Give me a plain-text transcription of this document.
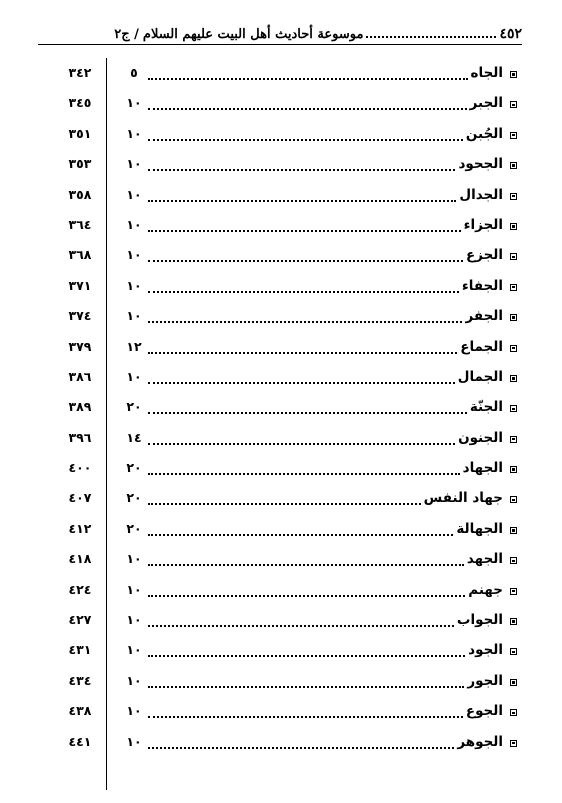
٤٥٢
موسوعة أحاديث أهل البيت عليهم السلام
/ ج٢
الجاه
٥
٣٤٢
الجبر
١٠
٣٤٥
الجُبن
١٠
٣٥١
الجحود
١٠
٣٥٣
الجدال
١٠
٣٥٨
الجزاء
١٠
٣٦٤
الجزع
١٠
٣٦٨
الجفاء
١٠
٣٧١
الجفر
١٠
٣٧٤
الجماع
١٢
٣٧٩
الجمال
١٠
٣٨٦
الجنّة
٢٠
٣٨٩
الجنون
١٤
٣٩٦
الجهاد
٢٠
٤٠٠
جهاد النفس
٢٠
٤٠٧
الجهالة
٢٠
٤١٢
الجهد
١٠
٤١٨
جهنم
١٠
٤٢٤
الجواب
١٠
٤٢٧
الجود
١٠
٤٣١
الجور
١٠
٤٣٤
الجوع
١٠
٤٣٨
الجوهر
١٠
٤٤١
